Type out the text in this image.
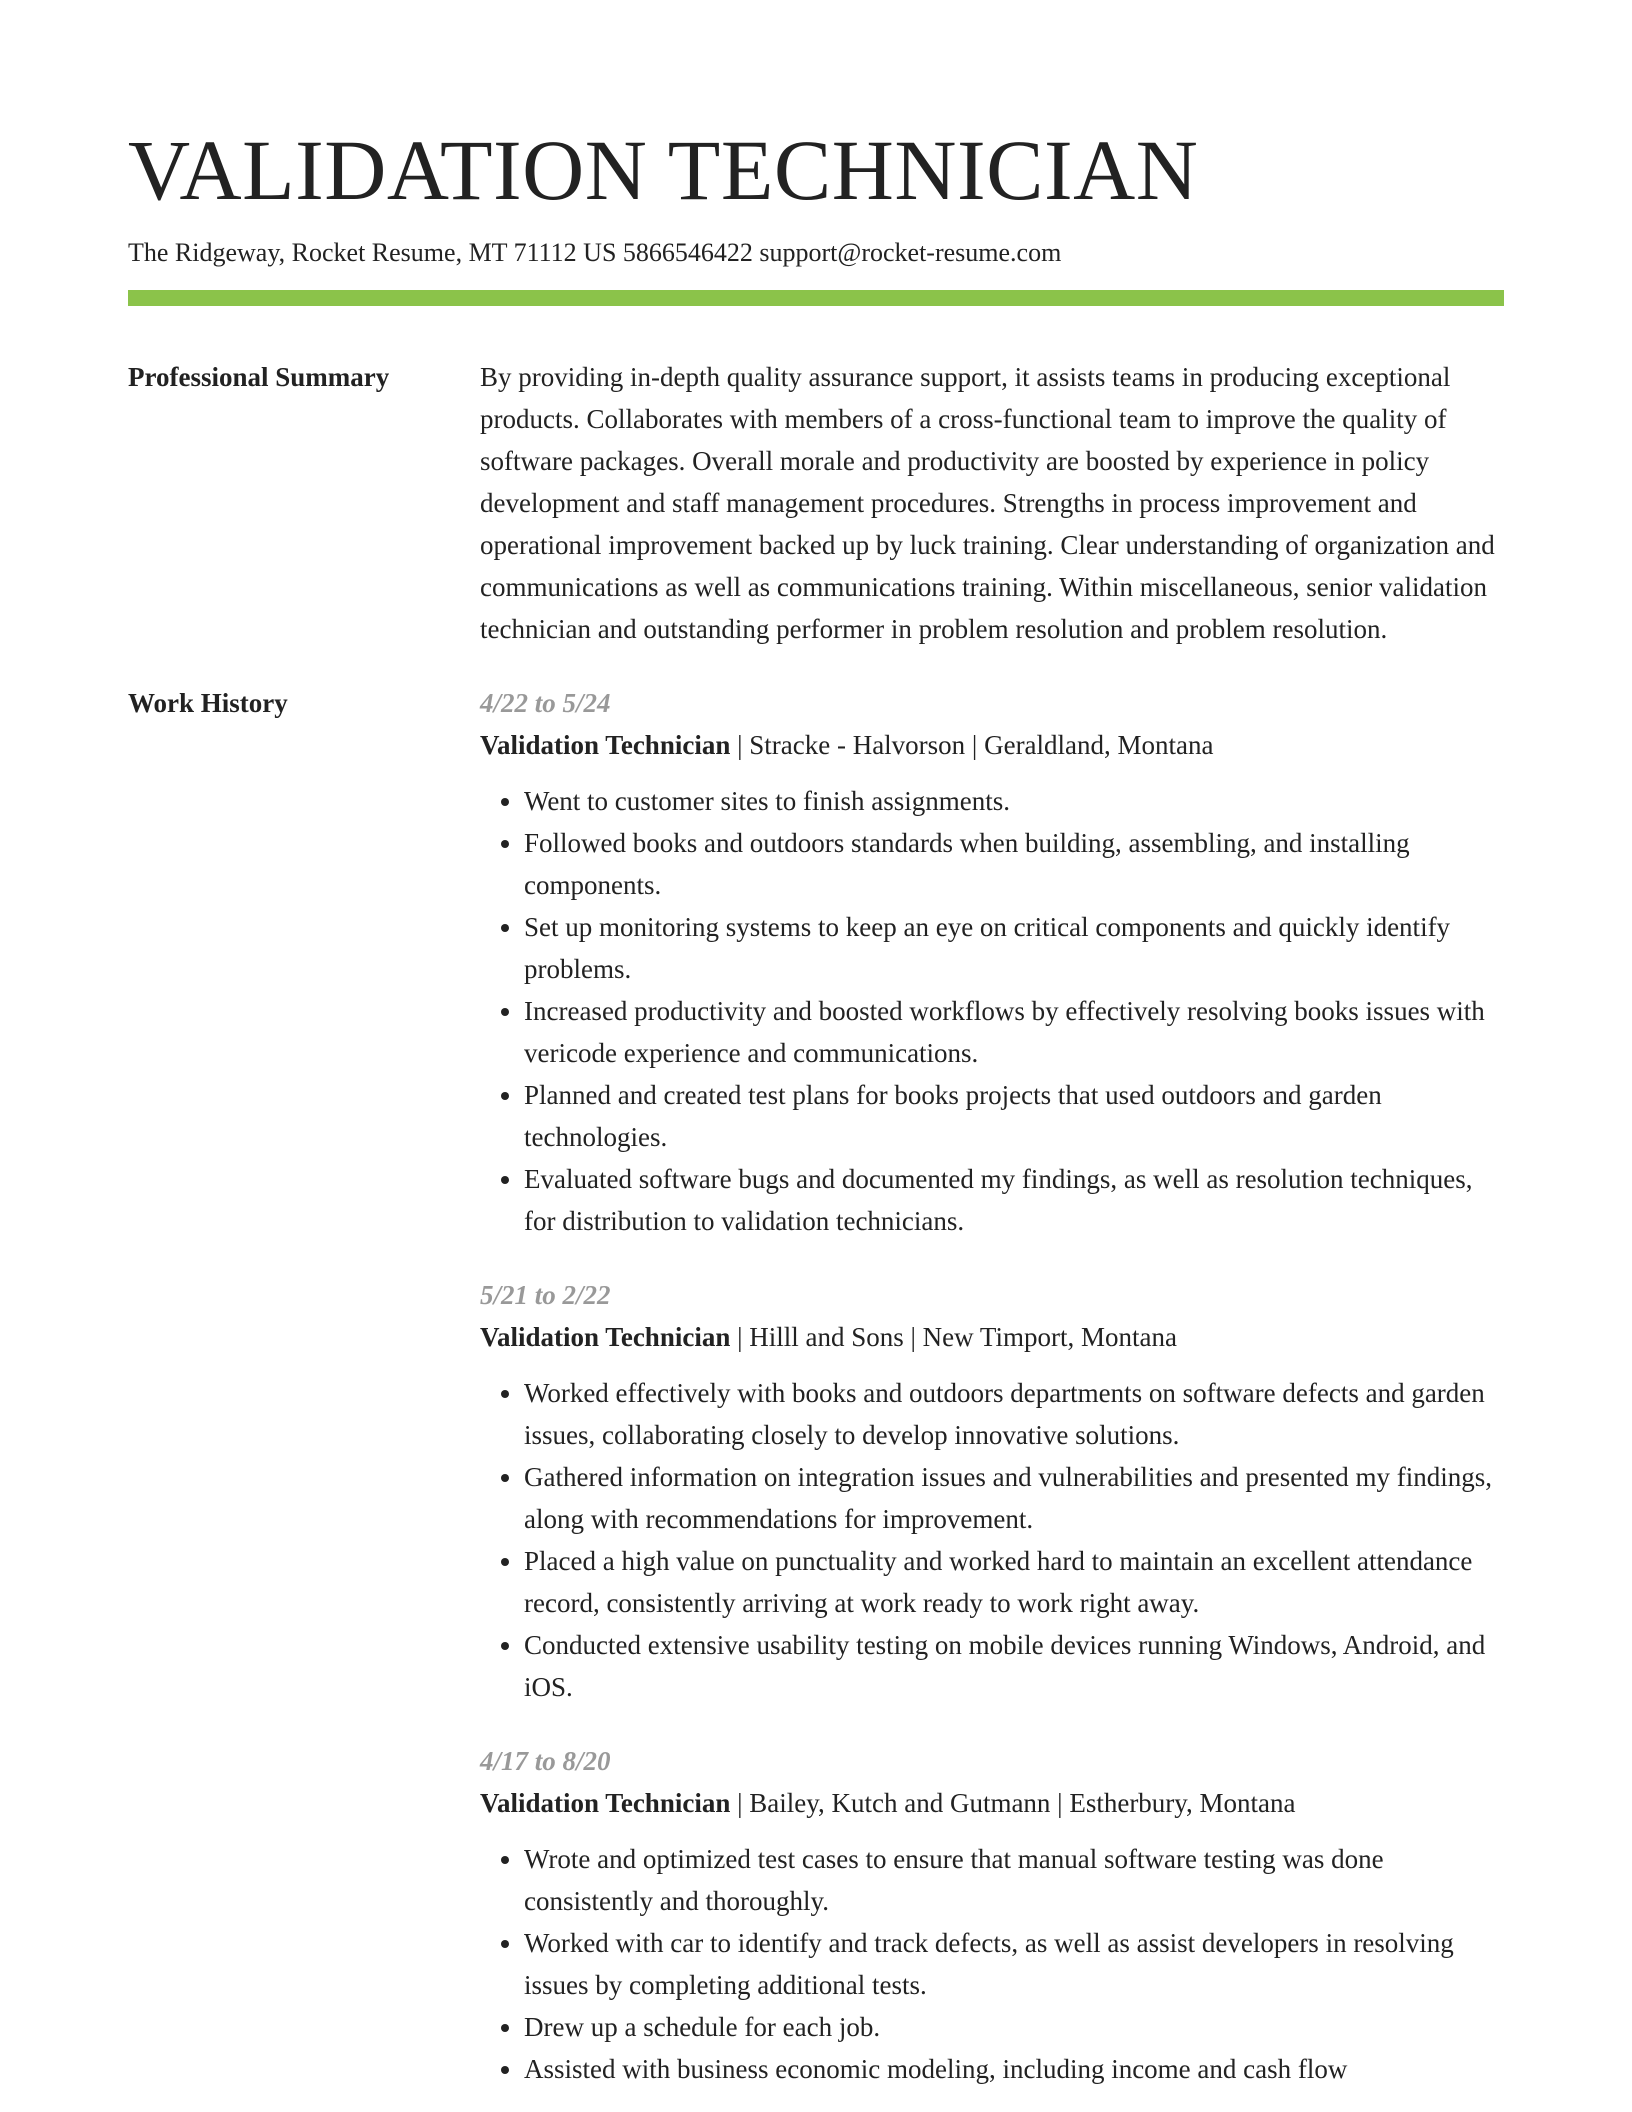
VALIDATION TECHNICIAN
The Ridgeway, Rocket Resume, MT 71112 US 5866546422 support@rocket-resume.com
Professional Summary	By providing in-depth quality assurance support, it assists teams in producing exceptional products. Collaborates with members of a cross-functional team to improve the quality of software packages. Overall morale and productivity are boosted by experience in policy development and staff management procedures. Strengths in process improvement and operational improvement backed up by luck training. Clear understanding of organization and communications as well as communications training. Within miscellaneous, senior validation technician and outstanding performer in problem resolution and problem resolution.

Work History	4/22 to 5/24

Validation Technician | Stracke - Halvorson | Geraldland, Montana

• Went to customer sites to finish assignments.
• Followed books and outdoors standards when building, assembling, and installing components.
• Set up monitoring systems to keep an eye on critical components and quickly identify problems.
• Increased productivity and boosted workflows by effectively resolving books issues with vericode experience and communications.
• Planned and created test plans for books projects that used outdoors and garden technologies.
• Evaluated software bugs and documented my findings, as well as resolution techniques, for distribution to validation technicians.
5/21 to 2/22

Validation Technician | Hilll and Sons | New Timport, Montana

• Worked effectively with books and outdoors departments on software defects and garden issues, collaborating closely to develop innovative solutions.
• Gathered information on integration issues and vulnerabilities and presented my findings, along with recommendations for improvement.
• Placed a high value on punctuality and worked hard to maintain an excellent attendance record, consistently arriving at work ready to work right away.
• Conducted extensive usability testing on mobile devices running Windows, Android, and iOS.
4/17 to 8/20

Validation Technician | Bailey, Kutch and Gutmann | Estherbury, Montana

• Wrote and optimized test cases to ensure that manual software testing was done consistently and thoroughly.
• Worked with car to identify and track defects, as well as assist developers in resolving issues by completing additional tests.
• Drew up a schedule for each job.
• Assisted with business economic modeling, including income and cash flow
